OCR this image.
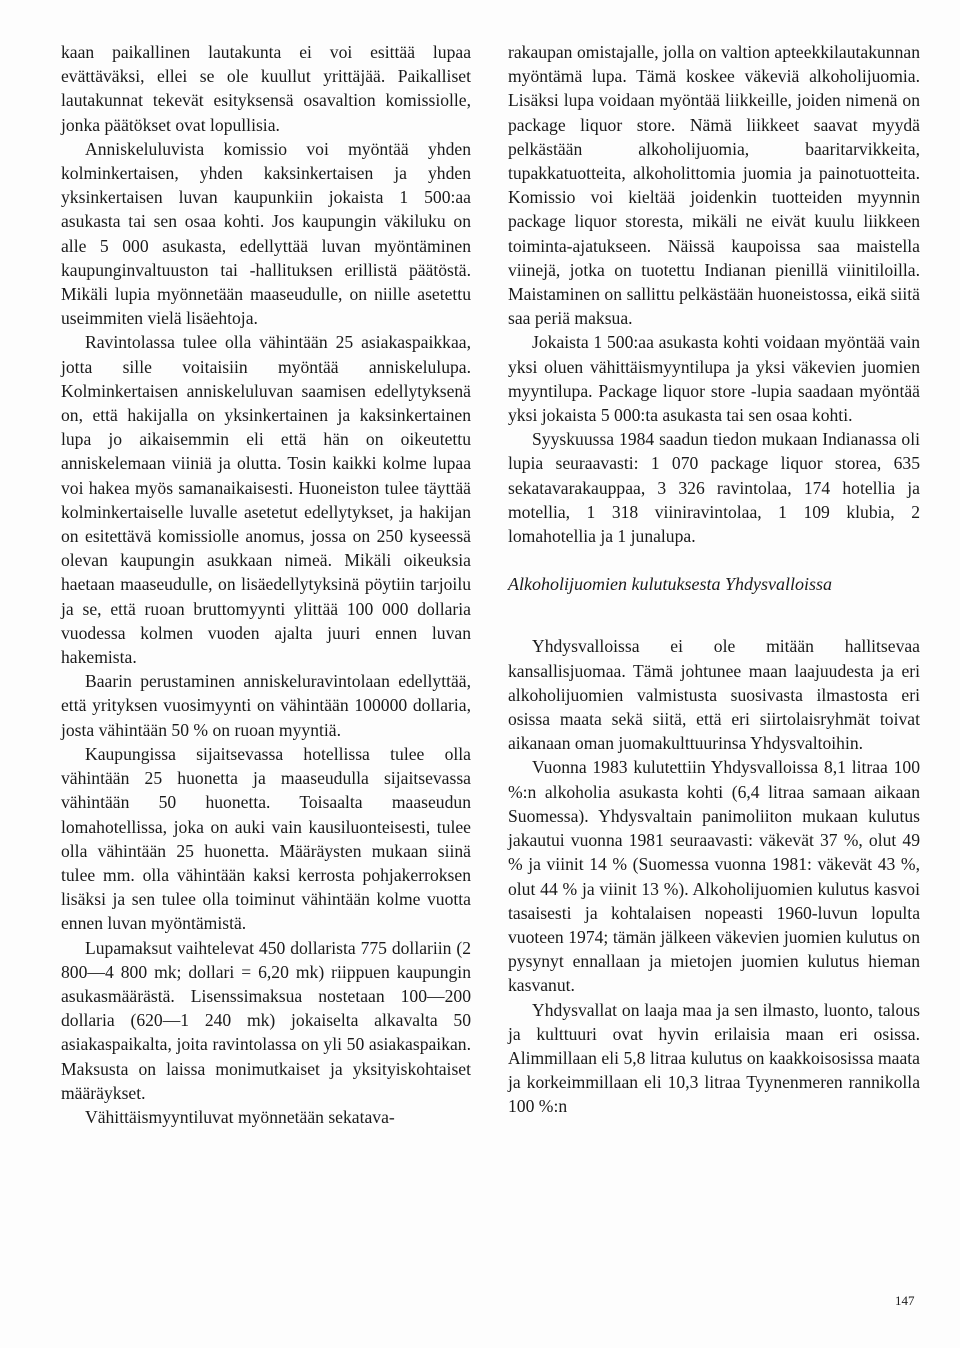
kaan paikallinen lautakunta ei voi esittää lupaa evättäväksi, ellei se ole kuullut yrittäjää. Paikalliset lautakunnat tekevät esityksensä osavaltion komissiolle, jonka päätökset ovat lopullisia.

Anniskeluluvista komissio voi myöntää yhden kolminkertaisen, yhden kaksinkertaisen ja yhden yksinkertaisen luvan kaupunkiin jokaista 1 500:aa asukasta tai sen osaa kohti. Jos kaupungin väkiluku on alle 5 000 asukasta, edellyttää luvan myöntäminen kaupunginvaltuuston tai -hallituksen erillistä päätöstä. Mikäli lupia myönnetään maaseudulle, on niille asetettu useimmiten vielä lisäehtoja.

Ravintolassa tulee olla vähintään 25 asiakaspaikkaa, jotta sille voitaisiin myöntää anniskelulupa. Kolminkertaisen anniskeluluvan saamisen edellytyksenä on, että hakijalla on yksinkertainen ja kaksinkertainen lupa jo aikaisemmin eli että hän on oikeutettu anniskelemaan viiniä ja olutta. Tosin kaikki kolme lupaa voi hakea myös samanaikaisesti. Huoneiston tulee täyttää kolminkertaiselle luvalle asetetut edellytykset, ja hakijan on esitettävä komissiolle anomus, jossa on 250 kyseessä olevan kaupungin asukkaan nimeä. Mikäli oikeuksia haetaan maaseudulle, on lisäedellytyksinä pöytiin tarjoilu ja se, että ruoan bruttomyynti ylittää 100 000 dollaria vuodessa kolmen vuoden ajalta juuri ennen luvan hakemista.

Baarin perustaminen anniskeluravintolaan edellyttää, että yrityksen vuosimyynti on vähintään 100000 dollaria, josta vähintään 50 % on ruoan myyntiä.

Kaupungissa sijaitsevassa hotellissa tulee olla vähintään 25 huonetta ja maaseudulla sijaitsevassa vähintään 50 huonetta. Toisaalta maaseudun lomahotellissa, joka on auki vain kausiluonteisesti, tulee olla vähintään 25 huonetta. Määräysten mukaan siinä tulee mm. olla vähintään kaksi kerrosta pohjakerroksen lisäksi ja sen tulee olla toiminut vähintään kolme vuotta ennen luvan myöntämistä.

Lupamaksut vaihtelevat 450 dollarista 775 dollariin (2 800—4 800 mk; dollari = 6,20 mk) riippuen kaupungin asukasmäärästä. Lisenssimaksua nostetaan 100—200 dollaria (620—1 240 mk) jokaiselta alkavalta 50 asiakaspaikalta, joita ravintolassa on yli 50 asiakaspaikan. Maksusta on laissa monimutkaiset ja yksityiskohtaiset määräykset.

Vähittäismyyntiluvat myönnetään sekatava-

rakaupan omistajalle, jolla on valtion apteekkilautakunnan myöntämä lupa. Tämä koskee väkeviä alkoholijuomia. Lisäksi lupa voidaan myöntää liikkeille, joiden nimenä on package liquor store. Nämä liikkeet saavat myydä pelkästään alkoholijuomia, baaritarvikkeita, tupakkatuotteita, alkoholittomia juomia ja painotuotteita. Komissio voi kieltää joidenkin tuotteiden myynnin package liquor storesta, mikäli ne eivät kuulu liikkeen toiminta-ajatukseen. Näissä kaupoissa saa maistella viinejä, jotka on tuotettu Indianan pienillä viinitiloilla. Maistaminen on sallittu pelkästään huoneistossa, eikä siitä saa periä maksua.

Jokaista 1 500:aa asukasta kohti voidaan myöntää vain yksi oluen vähittäismyyntilupa ja yksi väkevien juomien myyntilupa. Package liquor store -lupia saadaan myöntää yksi jokaista 5 000:ta asukasta tai sen osaa kohti.

Syyskuussa 1984 saadun tiedon mukaan Indianassa oli lupia seuraavasti: 1 070 package liquor storea, 635 sekatavarakauppaa, 3 326 ravintolaa, 174 hotellia ja motellia, 1 318 viiniravintolaa, 1 109 klubia, 2 lomahotellia ja 1 junalupa.

Alkoholijuomien kulutuksesta Yhdysvalloissa

Yhdysvalloissa ei ole mitään hallitsevaa kansallisjuomaa. Tämä johtunee maan laajuudesta ja eri alkoholijuomien valmistusta suosivasta ilmastosta eri osissa maata sekä siitä, että eri siirtolaisryhmät toivat aikanaan oman juomakulttuurinsa Yhdysvaltoihin.

Vuonna 1983 kulutettiin Yhdysvalloissa 8,1 litraa 100 %:n alkoholia asukasta kohti (6,4 litraa samaan aikaan Suomessa). Yhdysvaltain panimoliiton mukaan kulutus jakautui vuonna 1981 seuraavasti: väkevät 37 %, olut 49 % ja viinit 14 % (Suomessa vuonna 1981: väkevät 43 %, olut 44 % ja viinit 13 %). Alkoholijuomien kulutus kasvoi tasaisesti ja kohtalaisen nopeasti 1960-luvun lopulta vuoteen 1974; tämän jälkeen väkevien juomien kulutus on pysynyt ennallaan ja mietojen juomien kulutus hieman kasvanut.

Yhdysvallat on laaja maa ja sen ilmasto, luonto, talous ja kulttuuri ovat hyvin erilaisia maan eri osissa. Alimmillaan eli 5,8 litraa kulutus on kaakkoisosissa maata ja korkeimmillaan eli 10,3 litraa Tyynenmeren rannikolla 100 %:n

147
